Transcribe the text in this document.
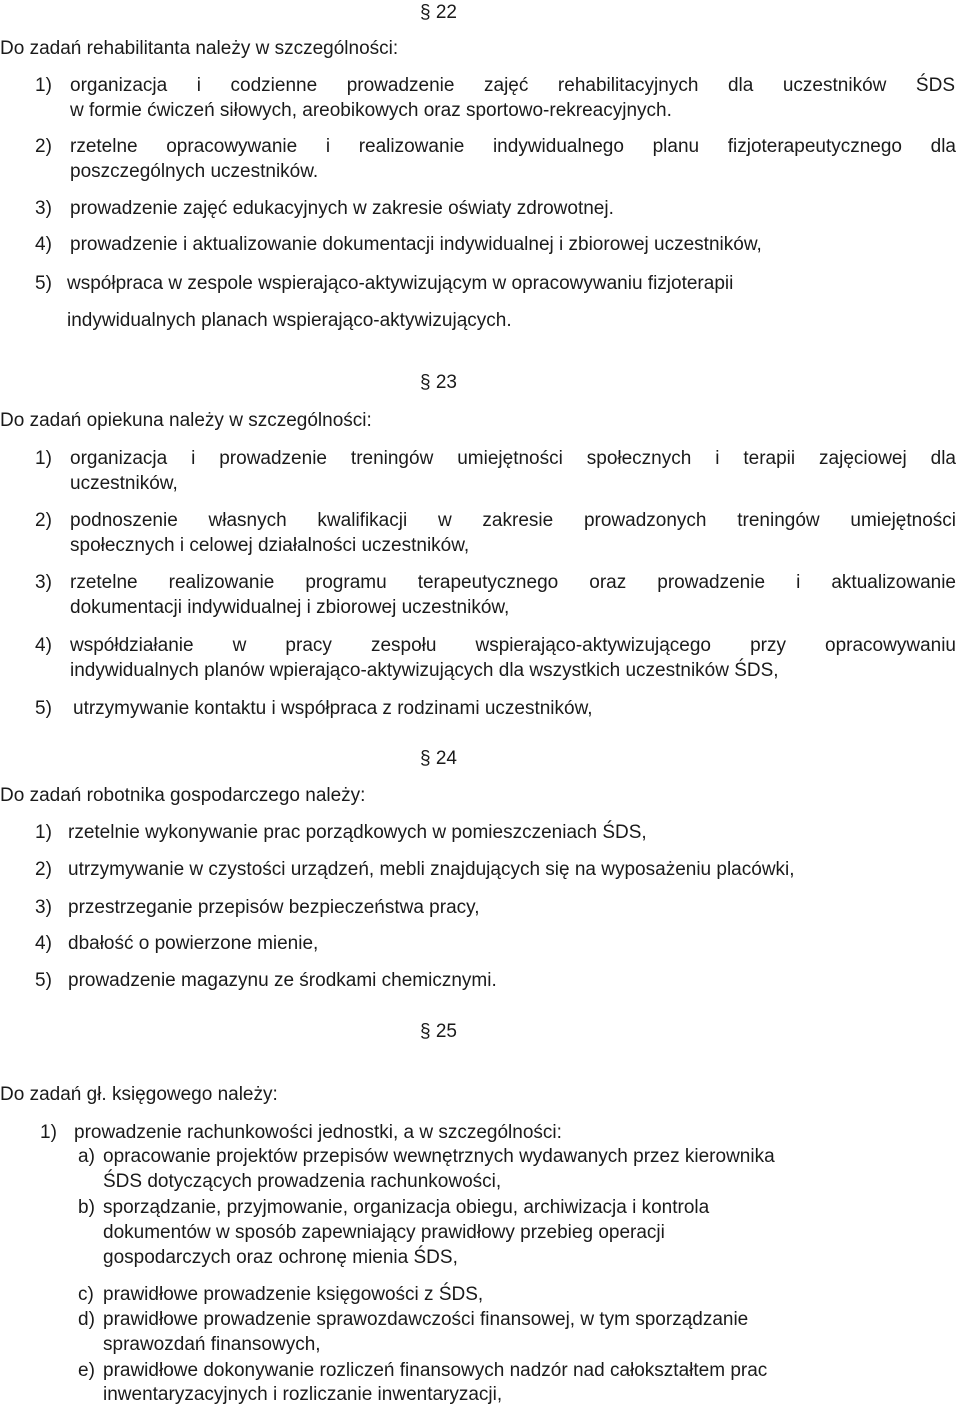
§ 22
Do zadań rehabilitanta należy w szczególności:
1) organizacja i codzienne prowadzenie zajęć rehabilitacyjnych dla uczestników ŚDS
w formie ćwiczeń siłowych, areobikowych oraz sportowo-rekreacyjnych.
2) rzetelne opracowywanie i realizowanie indywidualnego planu fizjoterapeutycznego dla
poszczególnych uczestników.
3) prowadzenie zajęć edukacyjnych w zakresie oświaty zdrowotnej.
4) prowadzenie i aktualizowanie dokumentacji indywidualnej i zbiorowej uczestników,
5) współpraca w zespole wspierająco-aktywizującym w opracowywaniu fizjoterapii
indywidualnych planach wspierająco-aktywizujących.
§ 23
Do zadań opiekuna należy w szczególności:
1) organizacja i prowadzenie treningów umiejętności społecznych i terapii zajęciowej dla
uczestników,
2) podnoszenie własnych kwalifikacji w zakresie prowadzonych treningów umiejętności
społecznych i celowej działalności uczestników,
3) rzetelne realizowanie programu terapeutycznego oraz prowadzenie i aktualizowanie
dokumentacji indywidualnej i zbiorowej uczestników,
4) współdziałanie w pracy zespołu wspierająco-aktywizującego przy opracowywaniu
indywidualnych planów wpierająco-aktywizujących dla wszystkich uczestników ŚDS,
5) utrzymywanie kontaktu i współpraca z rodzinami uczestników,
§ 24
Do zadań robotnika gospodarczego należy:
1) rzetelnie wykonywanie prac porządkowych w pomieszczeniach ŚDS,
2) utrzymywanie w czystości urządzeń, mebli znajdujących się na wyposażeniu placówki,
3) przestrzeganie przepisów bezpieczeństwa pracy,
4) dbałość o powierzone mienie,
5) prowadzenie magazynu ze środkami chemicznymi.
§ 25
Do zadań gł. księgowego należy:
1) prowadzenie rachunkowości jednostki, a w szczególności:
a) opracowanie projektów przepisów wewnętrznych wydawanych przez kierownika
ŚDS dotyczących prowadzenia rachunkowości,
b) sporządzanie, przyjmowanie, organizacja obiegu, archiwizacja i kontrola
dokumentów w sposób zapewniający prawidłowy przebieg operacji
gospodarczych oraz ochronę mienia ŚDS,
c) prawidłowe prowadzenie księgowości z ŚDS,
d) prawidłowe prowadzenie sprawozdawczości finansowej, w tym sporządzanie
sprawozdań finansowych,
e) prawidłowe dokonywanie rozliczeń finansowych nadzór nad całokształtem prac
inwentaryzacyjnych i rozliczanie inwentaryzacji,
